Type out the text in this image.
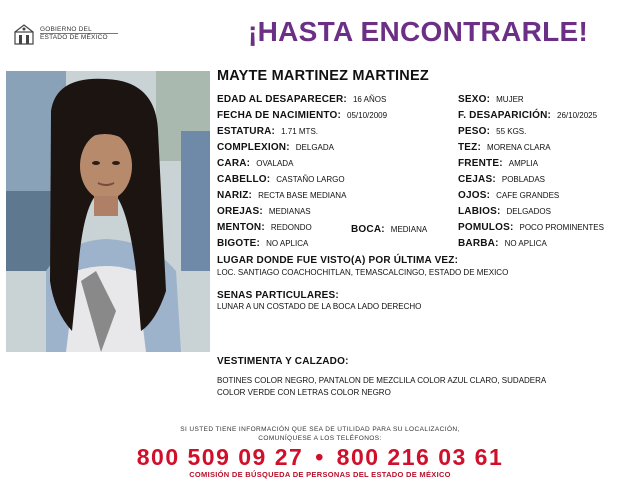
GOBIERNO DEL
ESTADO DE MÉXICO	¡HASTA ENCONTRARLE!
MAYTE MARTINEZ MARTINEZ
EDAD AL DESAPARECER: 16 AÑOS	SEXO: MUJER
FECHA DE NACIMIENTO: 05/10/2009	F. DESAPARICIÓN: 26/10/2025
ESTATURA: 1.71 MTS.	PESO: 55 KGS.
COMPLEXION: DELGADA	TEZ: MORENA CLARA
CARA: OVALADA	FRENTE: AMPLIA
CABELLO: CASTAÑO LARGO	CEJAS: POBLADAS
NARIZ: RECTA BASE MEDIANA	OJOS: CAFE GRANDES
OREJAS: MEDIANAS	LABIOS: DELGADOS
MENTON: REDONDO	BOCA: MEDIANA	POMULOS: POCO PROMINENTES
BIGOTE: NO APLICA	BARBA: NO APLICA
LUGAR DONDE FUE VISTO(A) POR ÚLTIMA VEZ:
LOC. SANTIAGO COACHOCHITLAN, TEMASCALCINGO, ESTADO DE MEXICO
SENAS PARTICULARES:
LUNAR A UN COSTADO DE LA BOCA LADO DERECHO
VESTIMENTA Y CALZADO:
BOTINES COLOR NEGRO, PANTALON DE MEZCLILA COLOR AZUL CLARO, SUDADERA
COLOR VERDE CON LETRAS COLOR NEGRO
SI USTED TIENE INFORMACIÓN QUE SEA DE UTILIDAD PARA SU LOCALIZACIÓN,
COMUNÍQUESE A LOS TELÉFONOS:
800 509 09 27 • 800 216 03 61
COMISIÓN DE BÚSQUEDA DE PERSONAS DEL ESTADO DE MÉXICO
